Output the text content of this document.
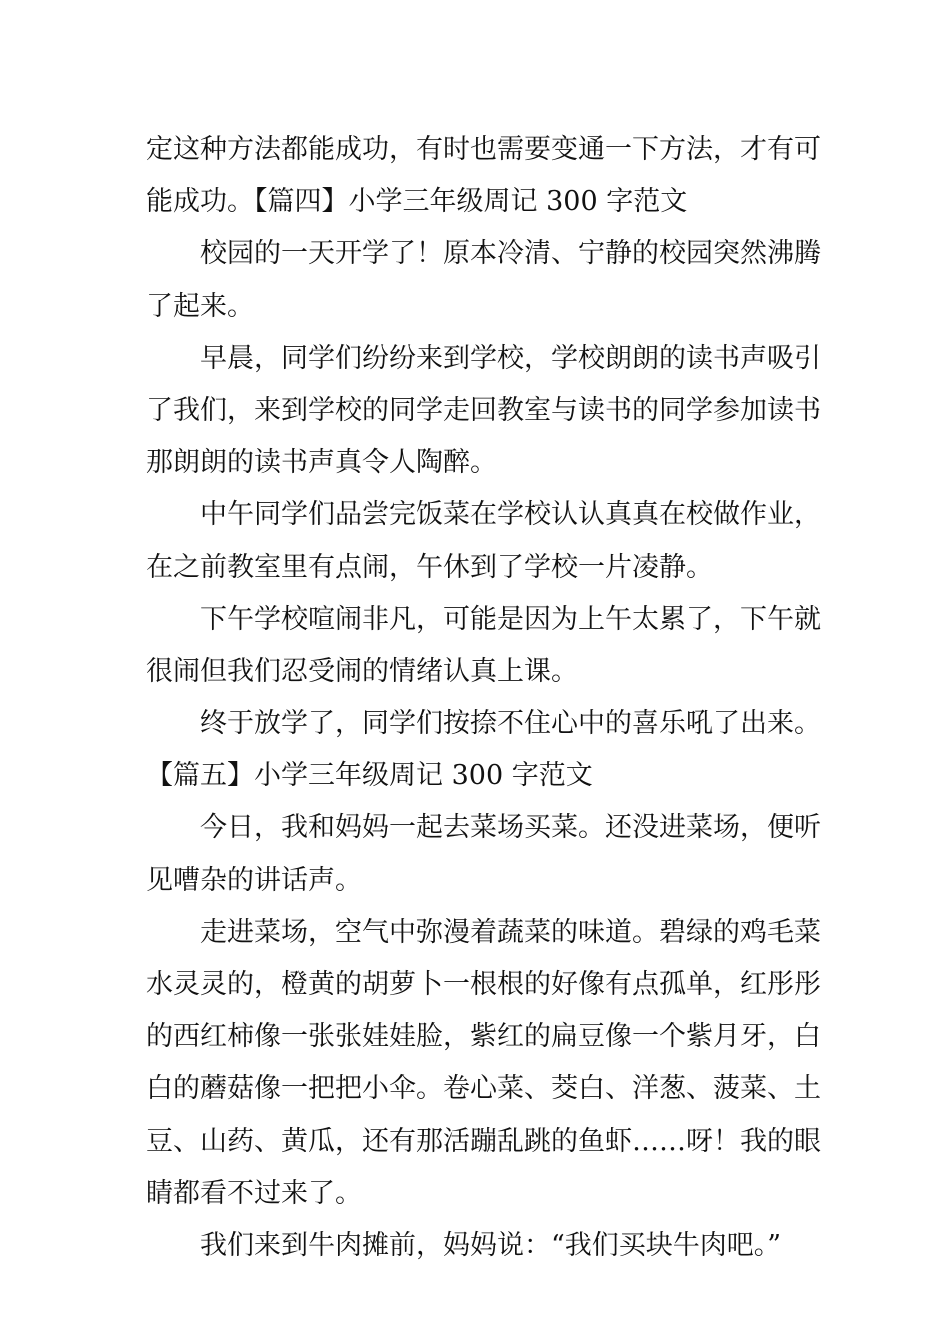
定这种方法都能成功，有时也需要变通一下方法，才有可
能成功。【篇四】小学三年级周记 300 字范文
校园的一天开学了！原本冷清、宁静的校园突然沸腾
了起来。
早晨，同学们纷纷来到学校，学校朗朗的读书声吸引
了我们，来到学校的同学走回教室与读书的同学参加读书
那朗朗的读书声真令人陶醉。
中午同学们品尝完饭菜在学校认认真真在校做作业，
在之前教室里有点闹，午休到了学校一片凌静。
下午学校喧闹非凡，可能是因为上午太累了，下午就
很闹但我们忍受闹的情绪认真上课。
终于放学了，同学们按捺不住心中的喜乐吼了出来。
【篇五】小学三年级周记 300 字范文
今日，我和妈妈一起去菜场买菜。还没进菜场，便听
见嘈杂的讲话声。
走进菜场，空气中弥漫着蔬菜的味道。碧绿的鸡毛菜
水灵灵的，橙黄的胡萝卜一根根的好像有点孤单，红彤彤
的西红柿像一张张娃娃脸，紫红的扁豆像一个紫月牙，白
白的蘑菇像一把把小伞。卷心菜、茭白、洋葱、菠菜、土
豆、山药、黄瓜，还有那活蹦乱跳的鱼虾……呀！我的眼
睛都看不过来了。
我们来到牛肉摊前，妈妈说：“我们买块牛肉吧。”
